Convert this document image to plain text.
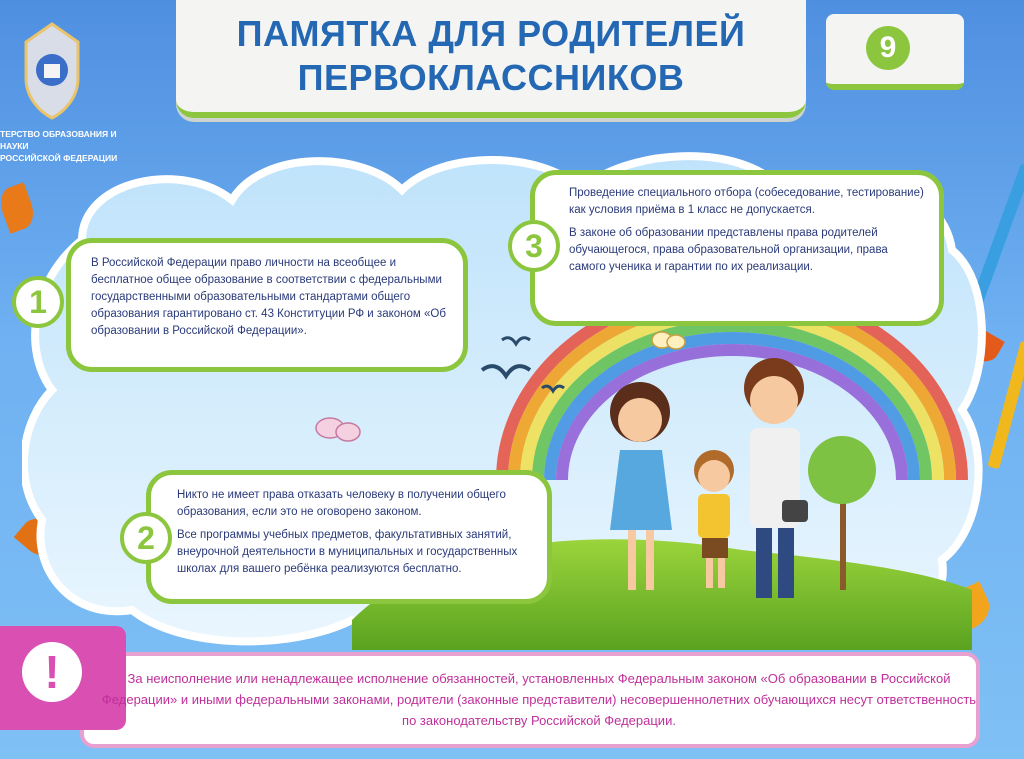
ПАМЯТКА ДЛЯ РОДИТЕЛЕЙ
ПЕРВОКЛАССНИКОВ
9
ТЕРСТВО ОБРАЗОВАНИЯ И НАУКИ
РОССИЙСКОЙ ФЕДЕРАЦИИ

В Российской Федерации право личности на всеобщее и бесплатное общее образование в соответствии с федеральными государственными образовательными стандартами общего образования гарантировано ст. 43 Конституции РФ и законом «Об образовании в Российской Федерации».

1

Никто не имеет права отказать человеку в получении общего образования, если это не оговорено законом.

Все программы учебных предметов, факультативных занятий, внеурочной деятельности в муниципальных и государственных школах для вашего ребёнка реализуются бесплатно.

2

Проведение специального отбора (собеседование, тестирование) как условия приёма в 1 класс не допускается.

В законе об образовании представлены права родителей обучающегося, права образовательной организации, права самого ученика и гарантии по их реализации.

3
!	За неисполнение или ненадлежащее исполнение обязанностей, установленных Федеральным законом «Об образовании в Российской Федерации» и иными федеральными законами, родители (законные представители) несовершеннолетних обучающихся несут ответственность по законодательству Российской Федерации.
